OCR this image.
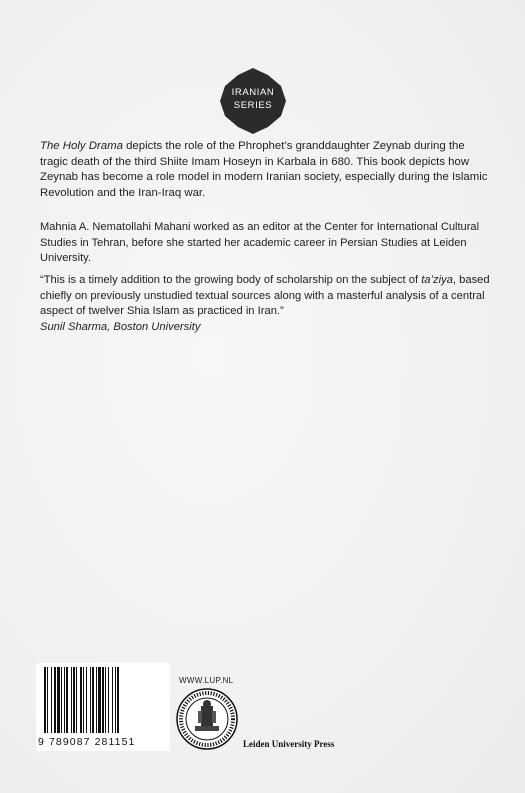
IRANIAN
SERIES
The Holy Drama depicts the role of the Phrophet’s granddaughter Zeynab during the tragic death of the third Shiite Imam Hoseyn in Karbala in 680. This book depicts how Zeynab has become a role model in modern Iranian society, especially during the Islamic Revolution and the Iran-Iraq war.
Mahnia A. Nematollahi Mahani worked as an editor at the Center for International Cultural Studies in Tehran, before she started her academic career in Persian Studies at Leiden University.
“This is a timely addition to the growing body of scholarship on the subject of ta’ziya, based chiefly on previously unstudied textual sources along with a masterful analysis of a central aspect of twelver Shia Islam as practiced in Iran.”
Sunil Sharma, Boston University
9 789087 281151
WWW.LUP.NL
Leiden University Press
